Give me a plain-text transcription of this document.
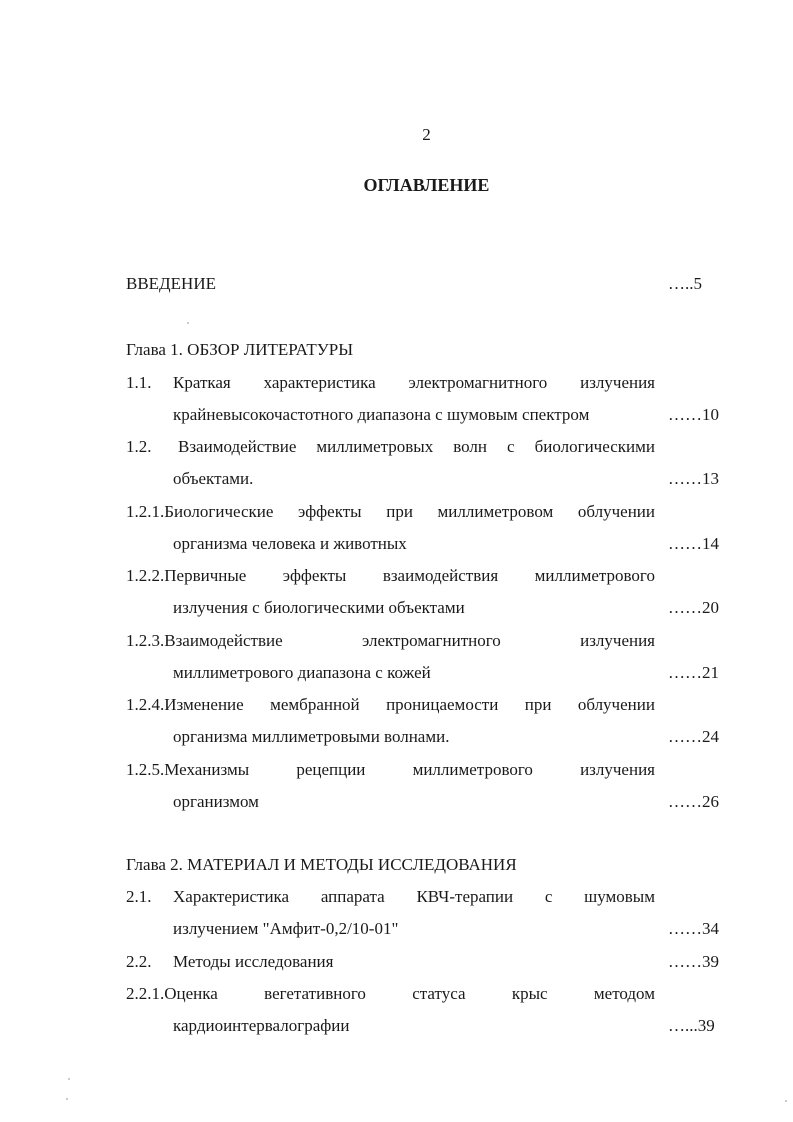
2
ОГЛАВЛЕНИЕ
ВВЕДЕНИЕ	…..5
Глава 1. ОБЗОР ЛИТЕРАТУРЫ
1.1. Краткая характеристика электромагнитного излучения
крайневысокочастотного диапазона с шумовым спектром	……10
1.2. Взаимодействие миллиметровых волн с биологическими
объектами.	……13
1.2.1.Биологические эффекты при миллиметровом облучении
организма человека и животных	……14
1.2.2.Первичные эффекты взаимодействия миллиметрового
излучения с биологическими объектами	……20
1.2.3.Взаимодействие	электромагнитного	излучения
миллиметрового диапазона с кожей	……21
1.2.4.Изменение мембранной проницаемости при облучении
организма миллиметровыми волнами.	……24
1.2.5.Механизмы	рецепции	миллиметрового	излучения
организмом	……26
Глава 2. МАТЕРИАЛ И МЕТОДЫ ИССЛЕДОВАНИЯ
2.1. Характеристика аппарата КВЧ-терапии с шумовым
излучением "Амфит-0,2/10-01"	……34
2.2. Методы исследования	……39
2.2.1.Оценка	вегетативного	статуса	крыс	методом
кардиоинтервалографии	…...39
